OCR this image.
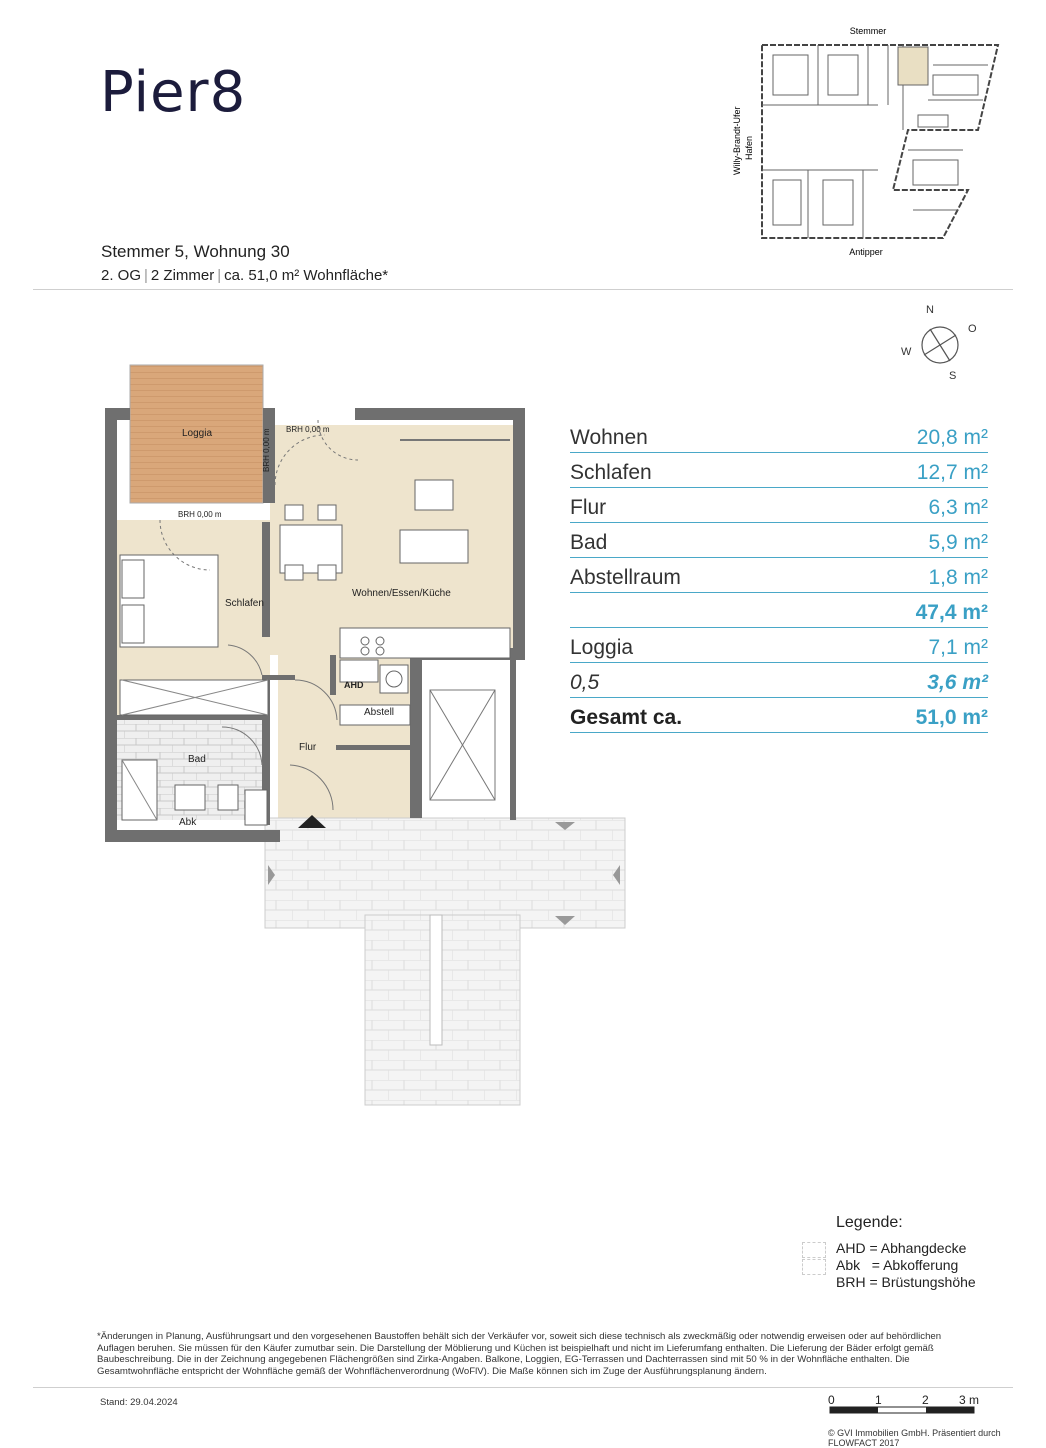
Pier8
Stemmer 5, Wohnung 30
2. OG | 2 Zimmer | ca. 51,0 m² Wohnfläche*
Stemmer
Antipper
Willy-Brandt-Ufer Hafen
N
O
S
W
Loggia	BRH 0,00 m
BRH 0,00 m
BRH 0,00 m
Schlafen
Wohnen/Essen/Küche
AHD
Abstell
Flur
Bad
Abk
Wohnen	20,8 m²
Schlafen	12,7 m²
Flur	6,3 m²
Bad	5,9 m²
Abstellraum	1,8 m²
47,4 m²
Loggia	7,1 m²
0,5	3,6 m²
Gesamt ca.	51,0 m²
Legende:
AHD = Abhangdecke
Abk   = Abkofferung
BRH = Brüstungshöhe
*Änderungen in Planung, Ausführungsart und den vorgesehenen Baustoffen behält sich der Verkäufer vor, soweit sich diese technisch als zweckmäßig oder notwendig erweisen oder auf behördlichen Auflagen beruhen. Sie müssen für den Käufer zumutbar sein. Die Darstellung der Möblierung und Küchen ist beispielhaft und nicht im Lieferumfang enthalten. Die Lieferung der Bäder erfolgt gemäß Baubeschreibung. Die in der Zeichnung angegebenen Flächengrößen sind Zirka-Angaben. Balkone, Loggien, EG-Terrassen und Dachterrassen sind mit 50 % in der Wohnfläche enthalten. Die Gesamtwohnfläche entspricht der Wohnfläche gemäß der Wohnflächenverordnung (WoFlV). Die Maße können sich im Zuge der Ausführungsplanung ändern.
Stand: 29.04.2024	0	1	2	3 m
© GVI Immobilien GmbH. Präsentiert durch FLOWFACT 2017
